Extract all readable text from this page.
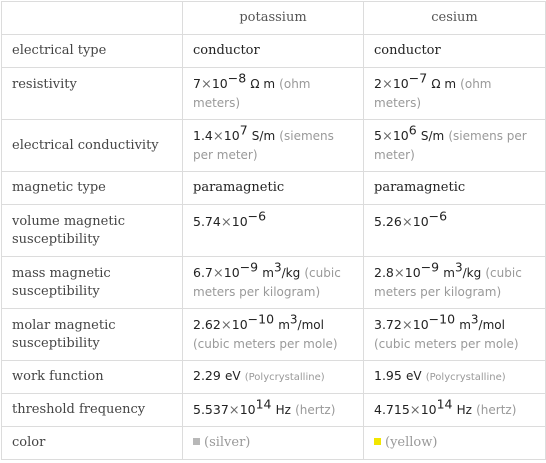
	potassium	cesium
electrical type	conductor	conductor
resistivity	$7\times 10^{-8}$ Ω m (ohm meters)	$2\times 10^{-7}$ Ω m (ohm meters)
electrical conductivity	$1.4\times 10^7$ S/m (siemens per meter)	$5\times 10^6$ S/m (siemens per meter)
magnetic type	paramagnetic	paramagnetic
volume magnetic susceptibility	$5.74\times 10^{-6}$	$5.26\times 10^{-6}$
mass magnetic susceptibility	$6.7\times 10^{-9}$ $m^3/kg$ (cubic meters per kilogram)	$2.8\times 10^{-9}$ $m^3/kg$ (cubic meters per kilogram)
molar magnetic susceptibility	$2.62\times 10^{-10}$ $m^3$/mol (cubic meters per mole)	$3.72\times 10^{-10}$ $m^3$/mol (cubic meters per mole)
work function	2.29 eV (Polycrystalline)	1.95 eV (Polycrystalline)
threshold frequency	$5.537\times 10^{14}$ Hz (hertz)	$4.715\times 10^{14}$ Hz (hertz)
color	(silver)	(yellow)
